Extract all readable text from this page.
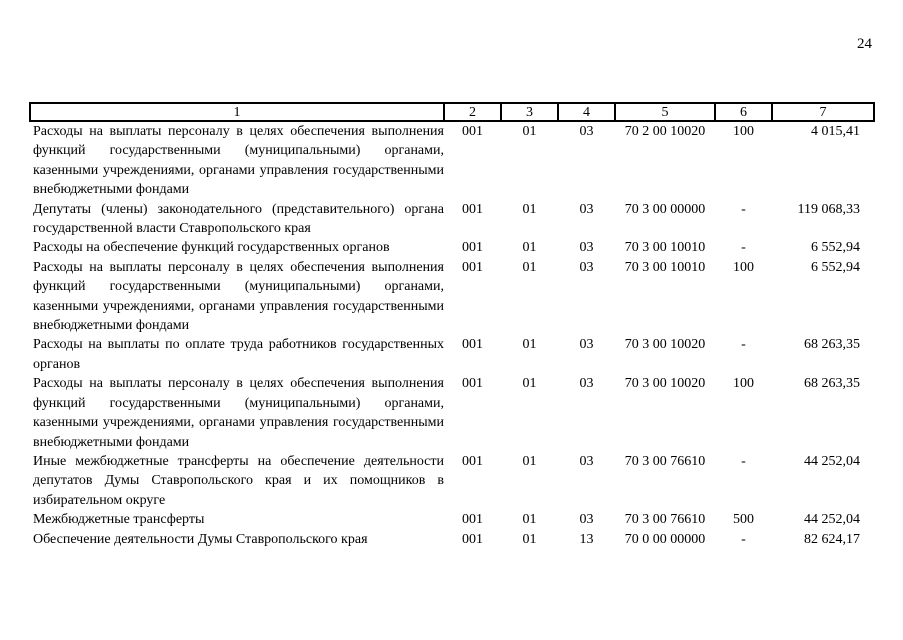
24
1	2	3	4	5	6	7
Расходы на выплаты персоналу в целях обеспечения выполнения функций государственными (муниципальными) органами, казенными учреждениями, органами управления государственными внебюджетными фондами	001	01	03	70 2 00 10020	100	4 015,41
Депутаты (члены) законодательного (представительного) органа государственной власти Ставропольского края	001	01	03	70 3 00 00000	-	119 068,33
Расходы на обеспечение функций государственных органов	001	01	03	70 3 00 10010	-	6 552,94
Расходы на выплаты персоналу в целях обеспечения выполнения функций государственными (муниципальными) органами, казенными учреждениями, органами управления государственными внебюджетными фондами	001	01	03	70 3 00 10010	100	6 552,94
Расходы на выплаты по оплате труда работников государственных органов	001	01	03	70 3 00 10020	-	68 263,35
Расходы на выплаты персоналу в целях обеспечения выполнения функций государственными (муниципальными) органами, казенными учреждениями, органами управления государственными внебюджетными фондами	001	01	03	70 3 00 10020	100	68 263,35
Иные межбюджетные трансферты на обеспечение деятельности депутатов Думы Ставропольского края и их помощников в избирательном округе	001	01	03	70 3 00 76610	-	44 252,04
Межбюджетные трансферты	001	01	03	70 3 00 76610	500	44 252,04
Обеспечение деятельности Думы Ставропольского края	001	01	13	70 0 00 00000	-	82 624,17
